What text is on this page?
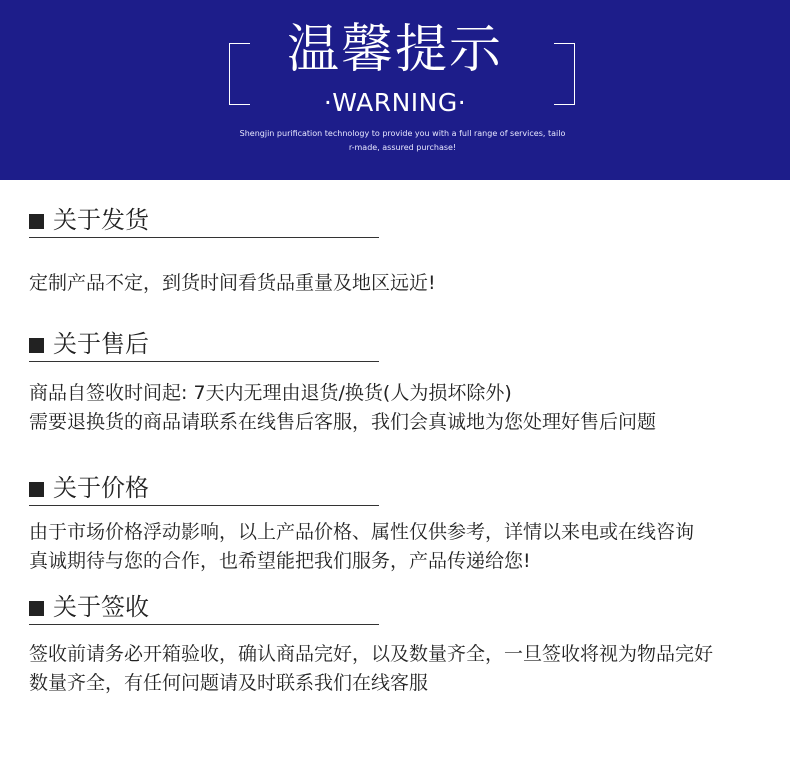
温馨提示
·WARNING·
Shengjin purification technology to provide you with a full range of services, tailo
r-made, assured purchase!
关于发货
定制产品不定，到货时间看货品重量及地区远近!
关于售后
商品自签收时间起: 7天内无理由退货/换货(人为损坏除外)
需要退换货的商品请联系在线售后客服，我们会真诚地为您处理好售后问题
关于价格
由于市场价格浮动影响，以上产品价格、属性仅供参考，详情以来电或在线咨询
真诚期待与您的合作，也希望能把我们服务，产品传递给您!
关于签收
签收前请务必开箱验收，确认商品完好，以及数量齐全，一旦签收将视为物品完好
数量齐全，有任何问题请及时联系我们在线客服
